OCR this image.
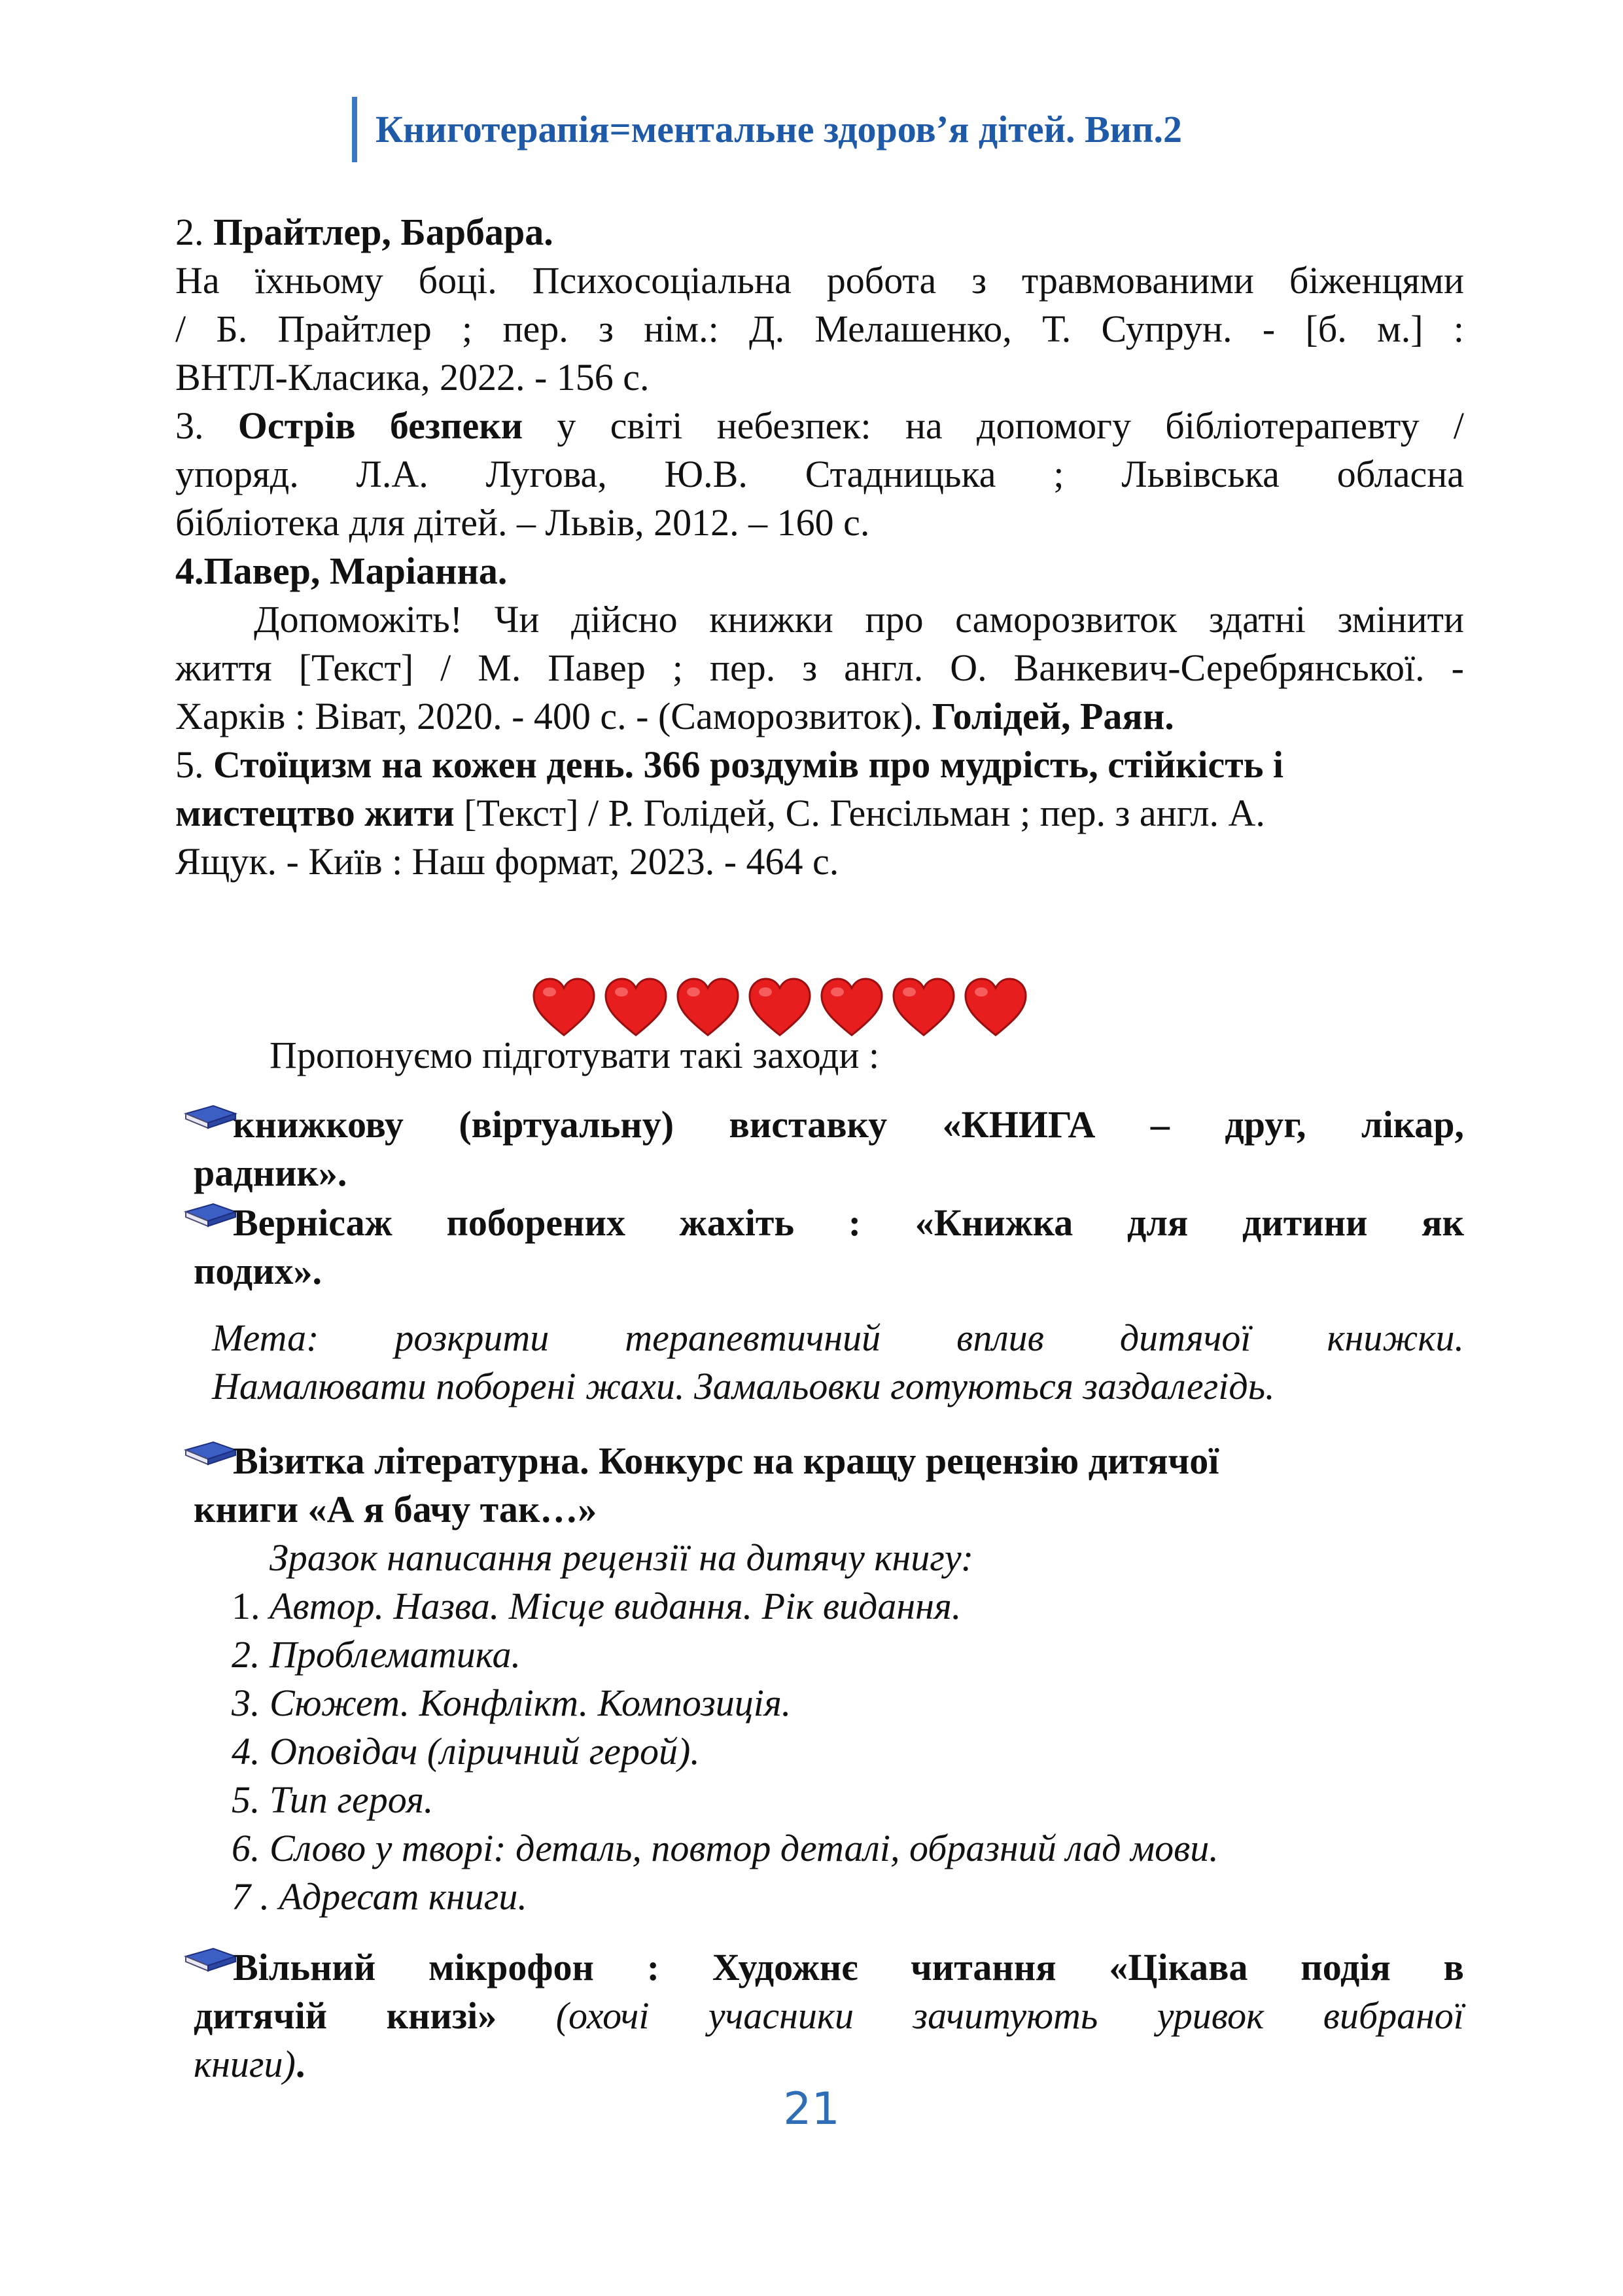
Книготерапія=ментальне здоров’я дітей. Вип.2
2. Прайтлер, Барбара.
На їхньому боці. Психосоціальна робота з травмованими біженцями
/ Б. Прайтлер ; пер. з нім.: Д. Мелашенко, Т. Супрун. - [б. м.] :
ВНТЛ-Класика, 2022. - 156 с.
3. Острів безпеки у світі небезпек: на допомогу бібліотерапевту /
упоряд. Л.А. Лугова, Ю.В. Стадницька ; Львівська обласна
бібліотека для дітей. – Львів, 2012. – 160 с.
4.Павер, Маріанна.
Допоможіть! Чи дійсно книжки про саморозвиток здатні змінити
життя [Текст] / М. Павер ; пер. з англ. О. Ванкевич-Серебрянської. -
Харків : Віват, 2020. - 400 с. - (Саморозвиток). Голідей, Раян.
5. Стоїцизм на кожен день. 366 роздумів про мудрість, стійкість і
мистецтво жити [Текст] / Р. Голідей, С. Генсільман ; пер. з англ. А.
Ящук. - Київ : Наш формат, 2023. - 464 с.
Пропонуємо підготувати такі заходи :
книжкову (віртуальну) виставку «КНИГА – друг, лікар,
радник».
Вернісаж поборених жахіть : «Книжка для дитини як
подих».
Мета: розкрити терапевтичний вплив дитячої книжки.
Намалювати поборені жахи. Замальовки готуються заздалегідь.
Візитка літературна. Конкурс на кращу рецензію дитячої
книги «А я бачу так…»
Зразок написання рецензії на дитячу книгу:
1. Автор. Назва. Місце видання. Рік видання.
2. Проблематика.
3. Сюжет. Конфлікт. Композиція.
4. Оповідач (ліричний герой).
5. Тип героя.
6. Слово у творі: деталь, повтор деталі, образний лад мови.
7 . Адресат книги.
Вільний мікрофон : Художнє читання «Цікава подія в
дитячій книзі» (охочі учасники зачитують уривок вибраної
книги).
21
